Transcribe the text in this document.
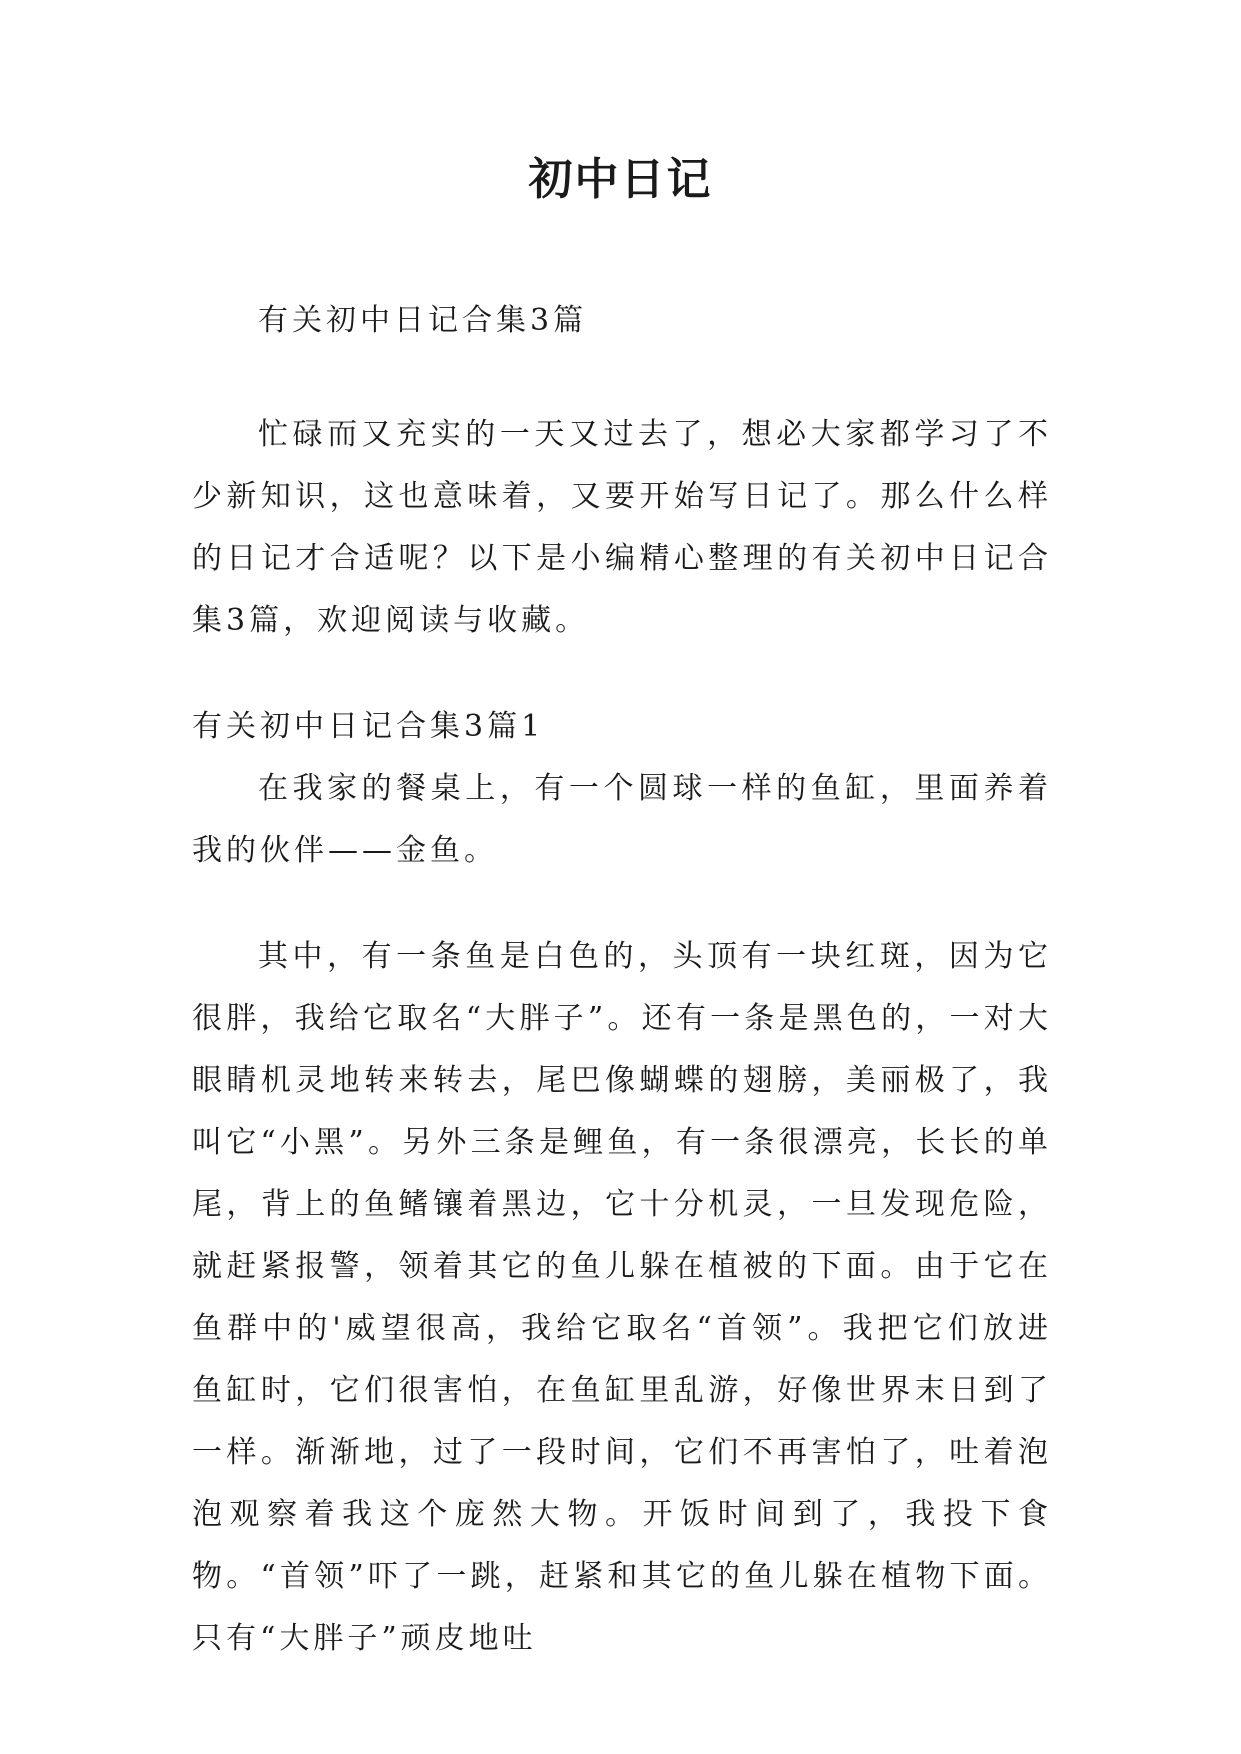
初中日记

有关初中日记合集3篇

忙碌而又充实的一天又过去了，想必大家都学习了不少新知识，这也意味着，又要开始写日记了。那么什么样的日记才合适呢？以下是小编精心整理的有关初中日记合集3篇，欢迎阅读与收藏。

有关初中日记合集3篇1

在我家的餐桌上，有一个圆球一样的鱼缸，里面养着我的伙伴——金鱼。

其中，有一条鱼是白色的，头顶有一块红斑，因为它很胖，我给它取名“大胖子”。还有一条是黑色的，一对大眼睛机灵地转来转去，尾巴像蝴蝶的翅膀，美丽极了，我叫它“小黑”。另外三条是鲤鱼，有一条很漂亮，长长的单尾，背上的鱼鳍镶着黑边，它十分机灵，一旦发现危险，就赶紧报警，领着其它的鱼儿躲在植被的下面。由于它在鱼群中的'威望很高，我给它取名“首领”。我把它们放进鱼缸时，它们很害怕，在鱼缸里乱游，好像世界末日到了一样。渐渐地，过了一段时间，它们不再害怕了，吐着泡泡观察着我这个庞然大物。开饭时间到了，我投下食物。“首领”吓了一跳，赶紧和其它的鱼儿躲在植物下面。只有“大胖子”顽皮地吐
